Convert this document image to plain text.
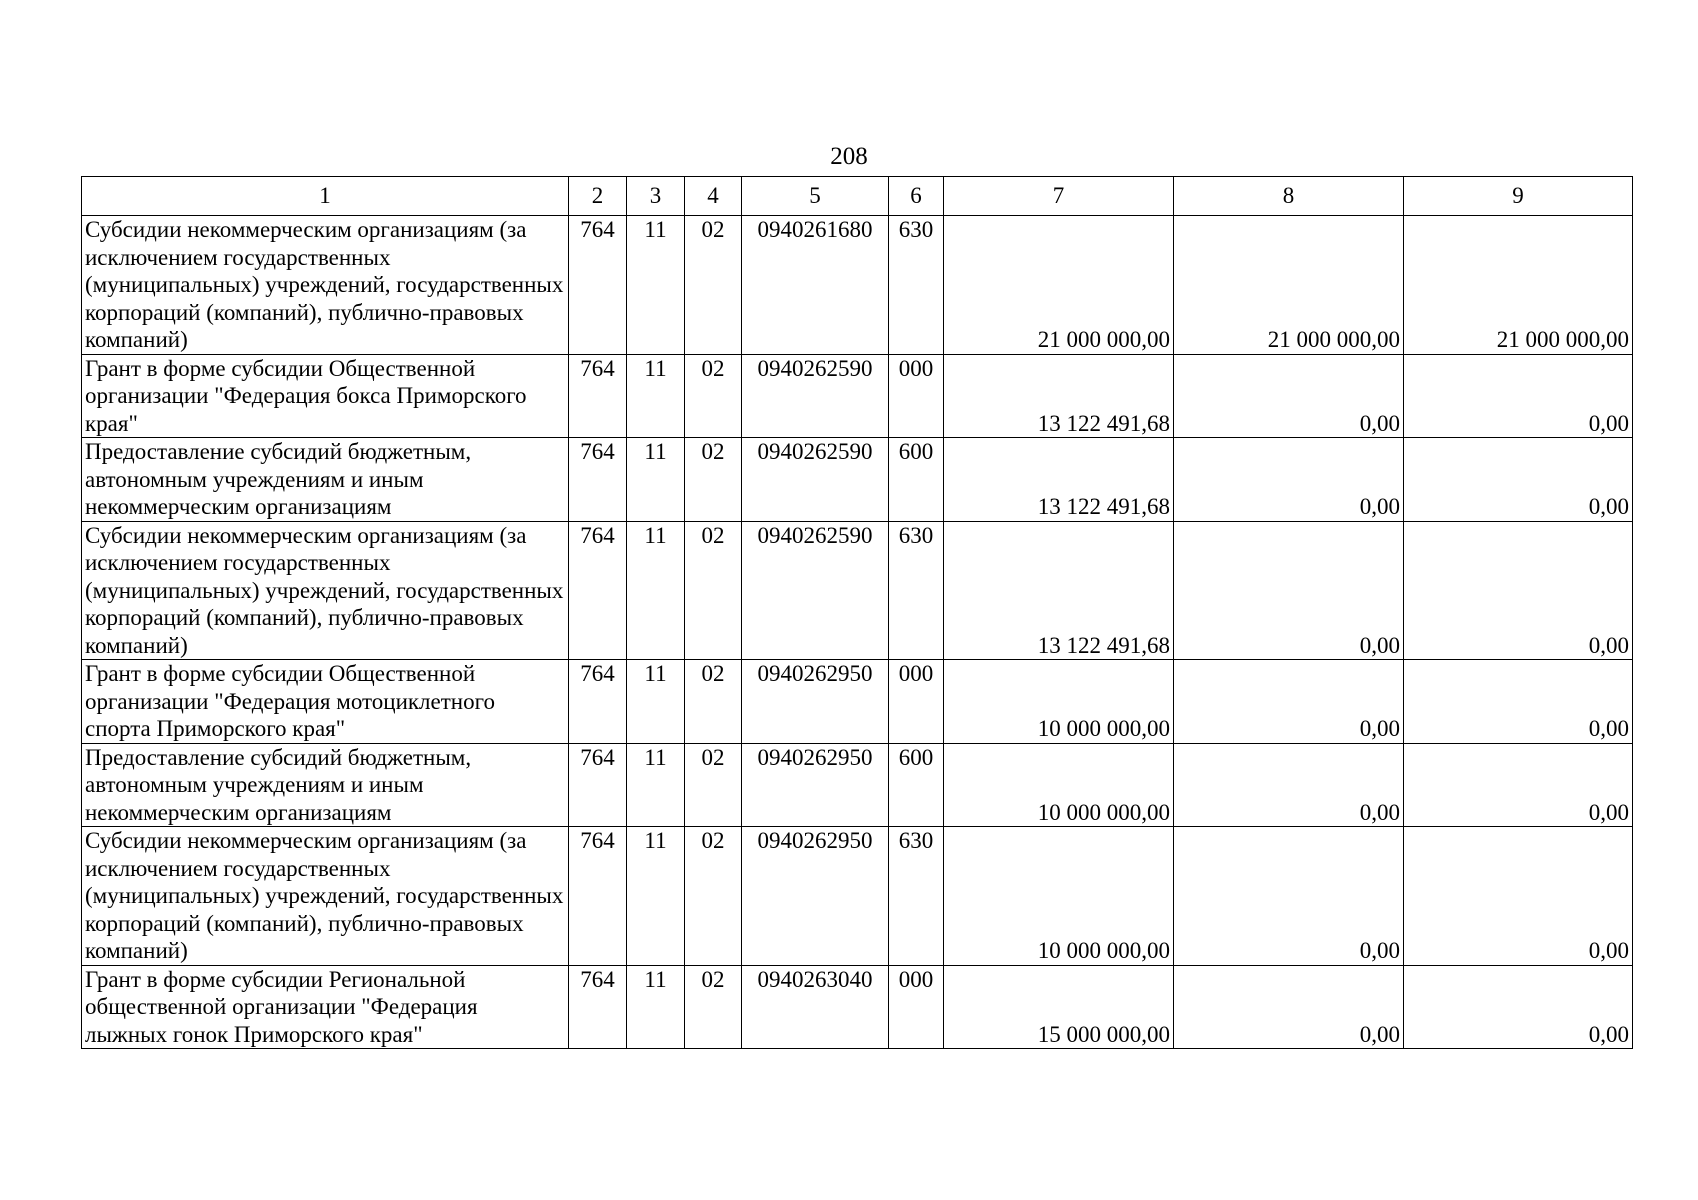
208
1	2	3	4	5	6	7	8	9
Субсидии некоммерческим организациям (за исключением государственных (муниципальных) учреждений, государственных корпораций (компаний), публично-правовых компаний)	764	11	02	0940261680	630	21 000 000,00	21 000 000,00	21 000 000,00
Грант в форме субсидии Общественной организации "Федерация бокса Приморского края"	764	11	02	0940262590	000	13 122 491,68	0,00	0,00
Предоставление субсидий бюджетным, автономным учреждениям и иным некоммерческим организациям	764	11	02	0940262590	600	13 122 491,68	0,00	0,00
Субсидии некоммерческим организациям (за исключением государственных (муниципальных) учреждений, государственных корпораций (компаний), публично-правовых компаний)	764	11	02	0940262590	630	13 122 491,68	0,00	0,00
Грант в форме субсидии Общественной организации "Федерация мотоциклетного спорта Приморского края"	764	11	02	0940262950	000	10 000 000,00	0,00	0,00
Предоставление субсидий бюджетным, автономным учреждениям и иным некоммерческим организациям	764	11	02	0940262950	600	10 000 000,00	0,00	0,00
Субсидии некоммерческим организациям (за исключением государственных (муниципальных) учреждений, государственных корпораций (компаний), публично-правовых компаний)	764	11	02	0940262950	630	10 000 000,00	0,00	0,00
Грант в форме субсидии Региональной общественной организации "Федерация лыжных гонок Приморского края"	764	11	02	0940263040	000	15 000 000,00	0,00	0,00
